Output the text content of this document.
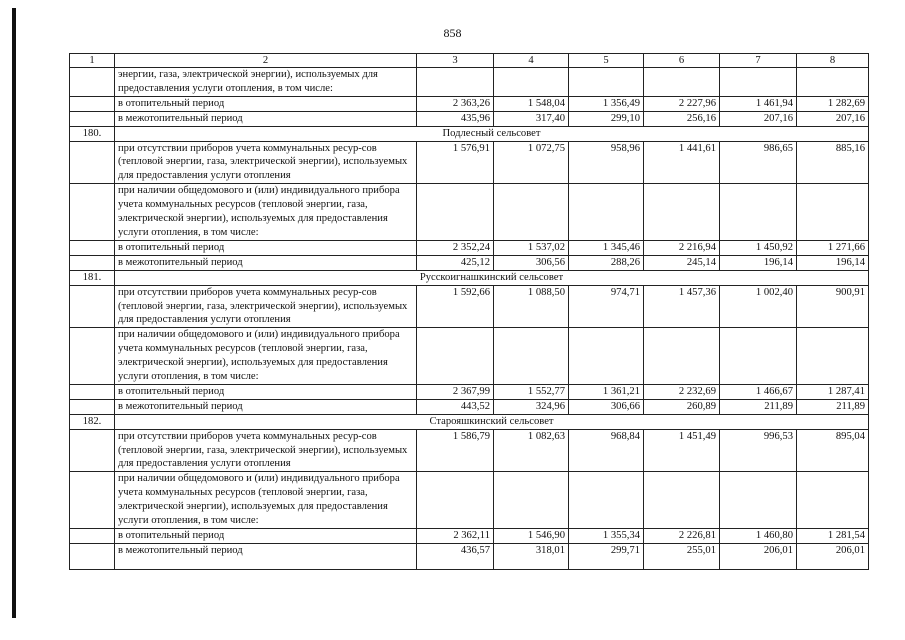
858
1	2	3	4	5	6	7	8
	энергии, газа, электрической энергии), используемых для предоставления услуги отопления, в том числе:						
	в отопительный период	2 363,26	1 548,04	1 356,49	2 227,96	1 461,94	1 282,69
	в межотопительный период	435,96	317,40	299,10	256,16	207,16	207,16
180.	Подлесный сельсовет						
	при отсутствии приборов учета коммунальных ресур-сов (тепловой энергии, газа, электрической энергии), используемых для предоставления услуги отопления	1 576,91	1 072,75	958,96	1 441,61	986,65	885,16
	при наличии общедомового и (или) индивидуального прибора учета коммунальных ресурсов (тепловой энергии, газа, электрической энергии), используемых для предоставления услуги отопления, в том числе:						
	в отопительный период	2 352,24	1 537,02	1 345,46	2 216,94	1 450,92	1 271,66
	в межотопительный период	425,12	306,56	288,26	245,14	196,14	196,14
181.	Русскоигнашкинский сельсовет						
	при отсутствии приборов учета коммунальных ресур-сов (тепловой энергии, газа, электрической энергии), используемых для предоставления услуги отопления	1 592,66	1 088,50	974,71	1 457,36	1 002,40	900,91
	при наличии общедомового и (или) индивидуального прибора учета коммунальных ресурсов (тепловой энергии, газа, электрической энергии), используемых для предоставления услуги отопления, в том числе:						
	в отопительный период	2 367,99	1 552,77	1 361,21	2 232,69	1 466,67	1 287,41
	в межотопительный период	443,52	324,96	306,66	260,89	211,89	211,89
182.	Старояшкинский сельсовет						
	при отсутствии приборов учета коммунальных ресур-сов (тепловой энергии, газа, электрической энергии), используемых для предоставления услуги отопления	1 586,79	1 082,63	968,84	1 451,49	996,53	895,04
	при наличии общедомового и (или) индивидуального прибора учета коммунальных ресурсов (тепловой энергии, газа, электрической энергии), используемых для предоставления услуги отопления, в том числе:						
	в отопительный период	2 362,11	1 546,90	1 355,34	2 226,81	1 460,80	1 281,54
	в межотопительный период	436,57	318,01	299,71	255,01	206,01	206,01
